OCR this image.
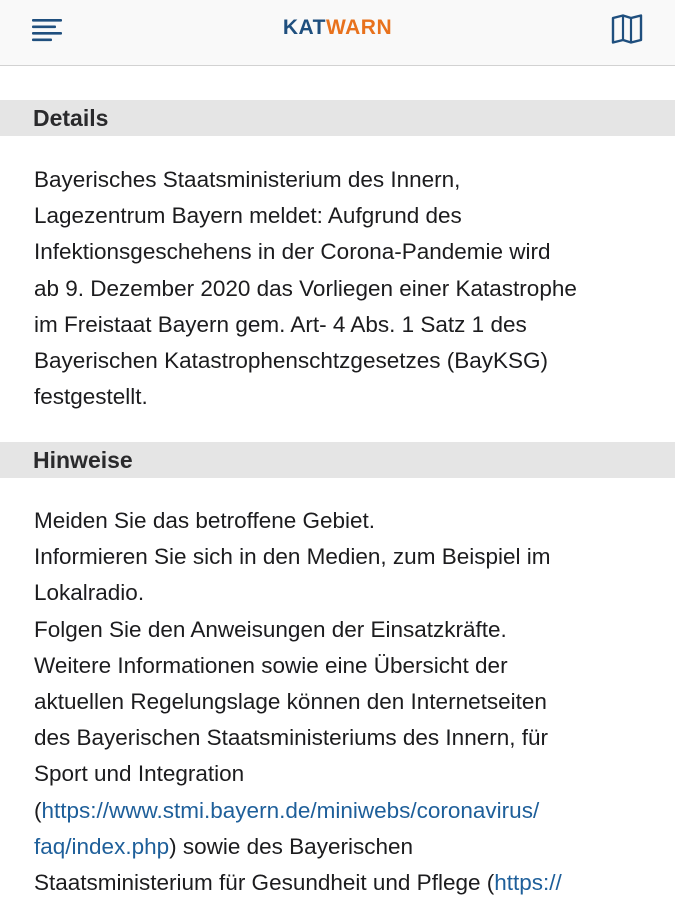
KATWARN
Details
Bayerisches Staatsministerium des Innern,
Lagezentrum Bayern meldet: Aufgrund des
Infektionsgeschehens in der Corona-Pandemie wird
ab 9. Dezember 2020 das Vorliegen einer Katastrophe
im Freistaat Bayern gem. Art- 4 Abs. 1 Satz 1 des
Bayerischen Katastrophenschtzgesetzes (BayKSG)
festgestellt.
Hinweise
Meiden Sie das betroffene Gebiet.
Informieren Sie sich in den Medien, zum Beispiel im
Lokalradio.
Folgen Sie den Anweisungen der Einsatzkräfte.
Weitere Informationen sowie eine Übersicht der
aktuellen Regelungslage können den Internetseiten
des Bayerischen Staatsministeriums des Innern, für
Sport und Integration
(https://www.stmi.bayern.de/miniwebs/coronavirus/
faq/index.php) sowie des Bayerischen
Staatsministerium für Gesundheit und Pflege (https://
